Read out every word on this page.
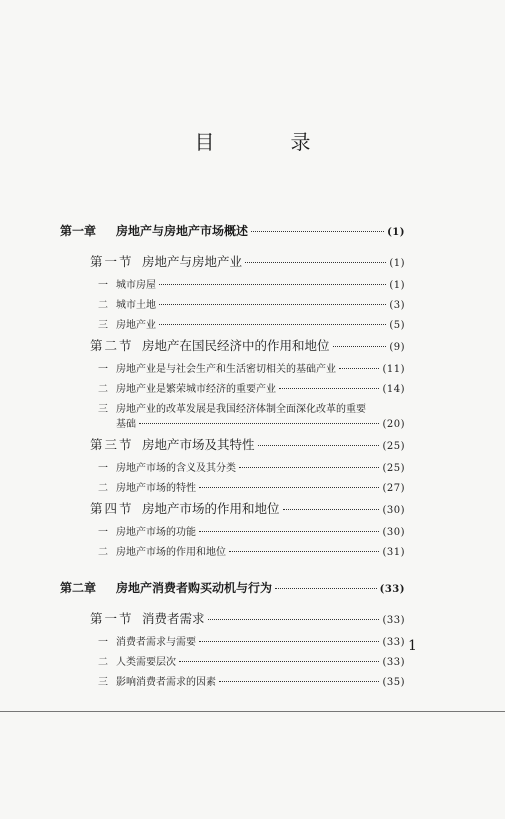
目　录
第一章	房地产与房地产市场概述	(1)
第一节 房地产与房地产业	(1)
一 城市房屋	(1)
二 城市土地	(3)
三 房地产业	(5)
第二节 房地产在国民经济中的作用和地位	(9)
一 房地产业是与社会生产和生活密切相关的基础产业	(11)
二 房地产业是繁荣城市经济的重要产业	(14)
三 房地产业的改革发展是我国经济体制全面深化改革的重要
基础	(20)
第三节 房地产市场及其特性	(25)
一 房地产市场的含义及其分类	(25)
二 房地产市场的特性	(27)
第四节 房地产市场的作用和地位	(30)
一 房地产市场的功能	(30)
二 房地产市场的作用和地位	(31)
第二章	房地产消费者购买动机与行为	(33)
第一节 消费者需求	(33)
一 消费者需求与需要	(33)
二 人类需要层次	(33)
三 影响消费者需求的因素	(35)
1
